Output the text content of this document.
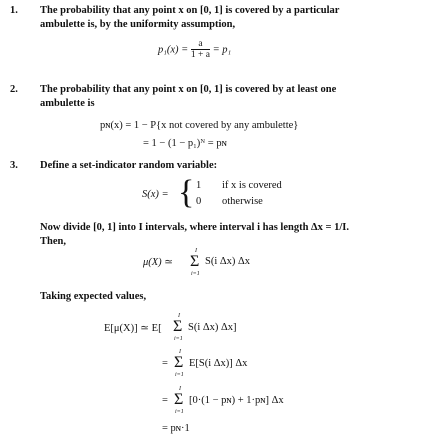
1. The probability that any point x on [0, 1] is covered by a particular
ambulette is, by the uniformity assumption,
$p_1(x) = \frac{a}{1 + a} = p_1$
2. The probability that any point x on [0, 1] is covered by at least one
ambulette is
pɴ(x) = 1 − P{x not covered by any ambulette}
= 1 − (1 − p₁)ᴺ = pɴ
3. Define a set-indicator random variable:
S(x) = { 1 if x is covered
0 otherwise
Now divide [0, 1] into I intervals, where interval i has length Δx = 1/I.
Then,
μ(X) ≃
I
Σ
i=1
S(i Δx) Δx
Taking expected values,
E[μ(X)] ≃ E[
I
Σ
i=1
S(i Δx) Δx]
=
I
Σ
i=1
E[S(i Δx)] Δx
=
I
Σ
i=1
[0·(1 − pɴ) + 1·pɴ] Δx
= pɴ·1
